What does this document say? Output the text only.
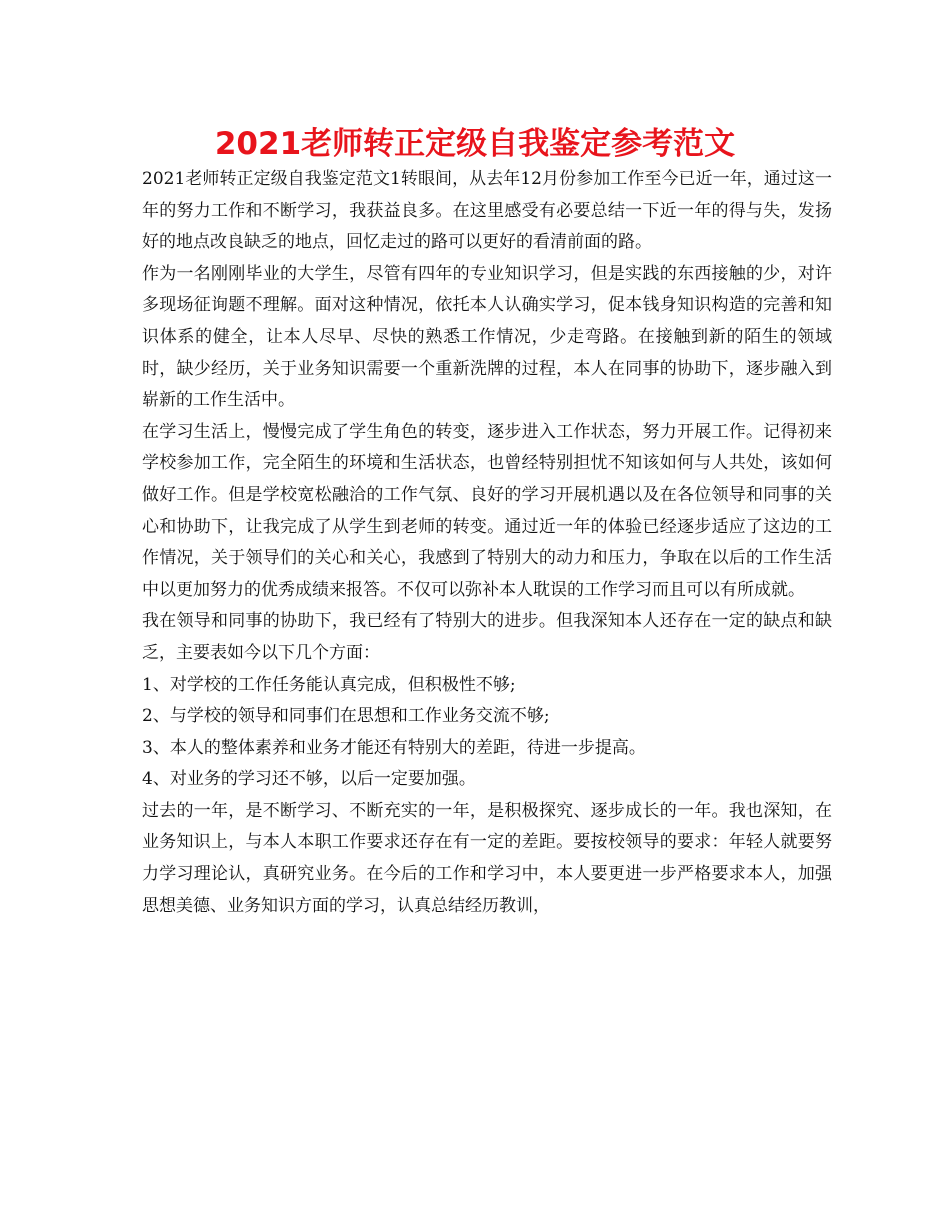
2021老师转正定级自我鉴定参考范文

2021老师转正定级自我鉴定范文1转眼间，从去年12月份参加工作至今已近一年，通过这一年的努力工作和不断学习，我获益良多。在这里感受有必要总结一下近一年的得与失，发扬好的地点改良缺乏的地点，回忆走过的路可以更好的看清前面的路。

作为一名刚刚毕业的大学生，尽管有四年的专业知识学习，但是实践的东西接触的少，对许多现场征询题不理解。面对这种情况，依托本人认确实学习，促本钱身知识构造的完善和知识体系的健全，让本人尽早、尽快的熟悉工作情况，少走弯路。在接触到新的陌生的领域时，缺少经历，关于业务知识需要一个重新洗牌的过程，本人在同事的协助下，逐步融入到崭新的工作生活中。

在学习生活上，慢慢完成了学生角色的转变，逐步进入工作状态，努力开展工作。记得初来学校参加工作，完全陌生的环境和生活状态，也曾经特别担忧不知该如何与人共处，该如何做好工作。但是学校宽松融洽的工作气氛、良好的学习开展机遇以及在各位领导和同事的关心和协助下，让我完成了从学生到老师的转变。通过近一年的体验已经逐步适应了这边的工作情况，关于领导们的关心和关心，我感到了特别大的动力和压力，争取在以后的工作生活中以更加努力的优秀成绩来报答。不仅可以弥补本人耽误的工作学习而且可以有所成就。

我在领导和同事的协助下，我已经有了特别大的进步。但我深知本人还存在一定的缺点和缺乏，主要表如今以下几个方面：

1、对学校的工作任务能认真完成，但积极性不够;

2、与学校的领导和同事们在思想和工作业务交流不够;

3、本人的整体素养和业务才能还有特别大的差距，待进一步提高。

4、对业务的学习还不够，以后一定要加强。

过去的一年，是不断学习、不断充实的一年，是积极探究、逐步成长的一年。我也深知，在业务知识上，与本人本职工作要求还存在有一定的差距。要按校领导的要求：年轻人就要努力学习理论认，真研究业务。在今后的工作和学习中，本人要更进一步严格要求本人，加强思想美德、业务知识方面的学习，认真总结经历教训，
